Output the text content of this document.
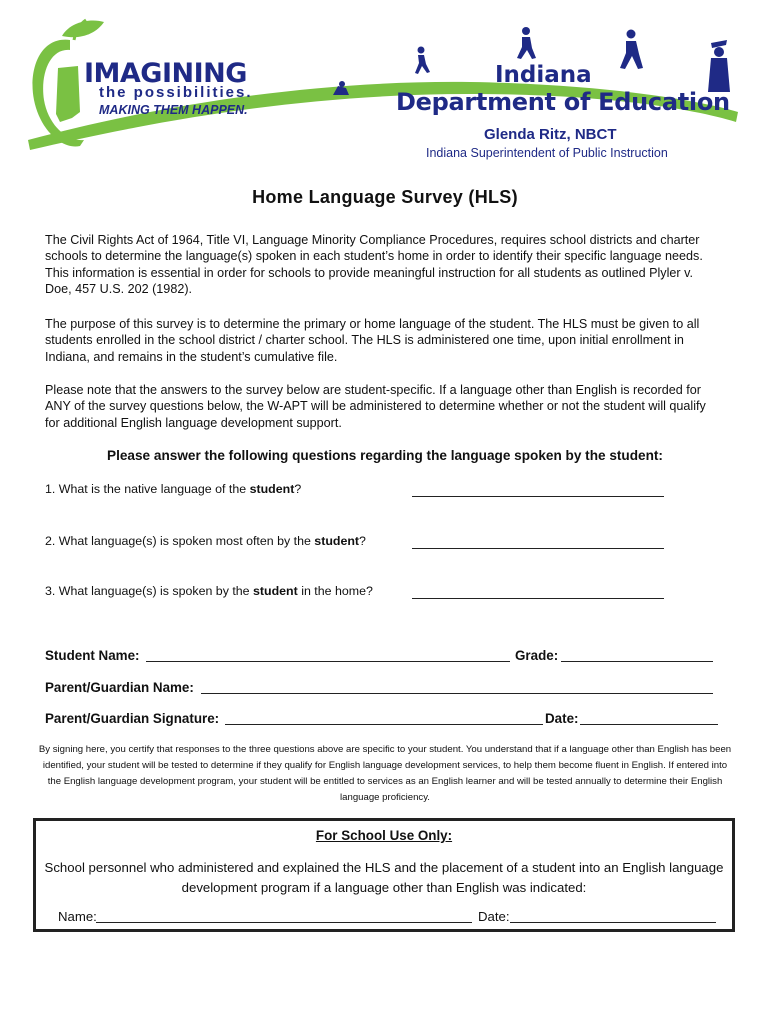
IMAGINING
the possibilities.
MAKING THEM HAPPEN.
Indiana
Department of Education
Glenda Ritz, NBCT
Indiana Superintendent of Public Instruction
Home Language Survey (HLS)
The Civil Rights Act of 1964, Title VI, Language Minority Compliance Procedures, requires school districts and charter schools to determine the language(s) spoken in each student’s home in order to identify their specific language needs. This information is essential in order for schools to provide meaningful instruction for all students as outlined Plyler v. Doe, 457 U.S. 202 (1982).
The purpose of this survey is to determine the primary or home language of the student. The HLS must be given to all students enrolled in the school district / charter school. The HLS is administered one time, upon initial enrollment in Indiana, and remains in the student’s cumulative file.
Please note that the answers to the survey below are student-specific. If a language other than English is recorded for ANY of the survey questions below, the W-APT will be administered to determine whether or not the student will qualify for additional English language development support.
Please answer the following questions regarding the language spoken by the student:
1. What is the native language of the student?
2. What language(s) is spoken most often by the student?
3. What language(s) is spoken by the student in the home?
Student Name:	Grade:
Parent/Guardian Name:
Parent/Guardian Signature:	Date:
By signing here, you certify that responses to the three questions above are specific to your student. You understand that if a language other than English has been identified, your student will be tested to determine if they qualify for English language development services, to help them become fluent in English. If entered into the English language development program, your student will be entitled to services as an English learner and will be tested annually to determine their English language proficiency.
For School Use Only:
School personnel who administered and explained the HLS and the placement of a student into an English language development program if a language other than English was indicated:
Name:	Date:
